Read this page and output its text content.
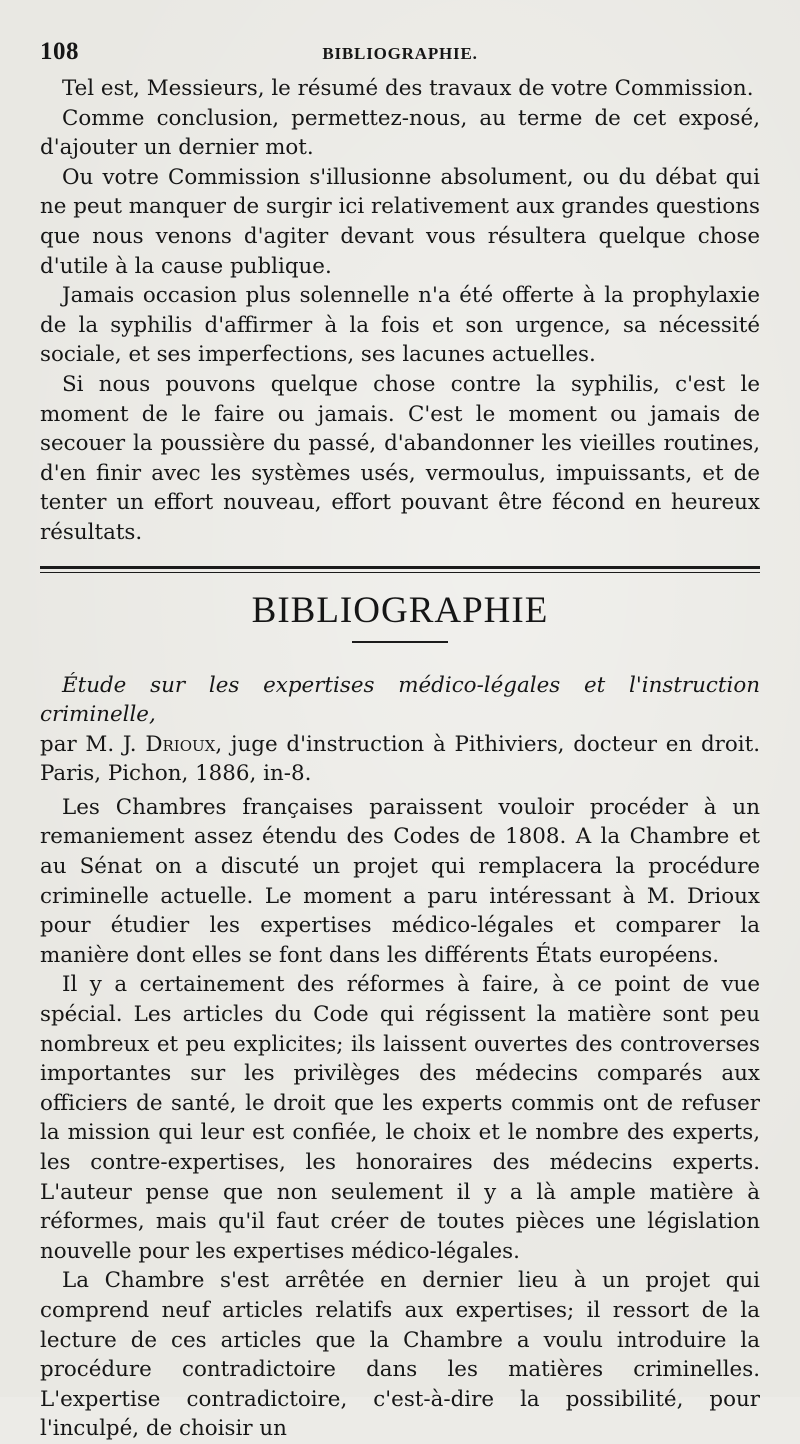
108	BIBLIOGRAPHIE.

Tel est, Messieurs, le résumé des travaux de votre Commission.

Comme conclusion, permettez-nous, au terme de cet exposé, d'ajouter un dernier mot.

Ou votre Commission s'illusionne absolument, ou du débat qui ne peut manquer de surgir ici relativement aux grandes questions que nous venons d'agiter devant vous résultera quelque chose d'utile à la cause publique.

Jamais occasion plus solennelle n'a été offerte à la prophylaxie de la syphilis d'affirmer à la fois et son urgence, sa nécessité sociale, et ses imperfections, ses lacunes actuelles.

Si nous pouvons quelque chose contre la syphilis, c'est le moment de le faire ou jamais. C'est le moment ou jamais de secouer la poussière du passé, d'abandonner les vieilles routines, d'en finir avec les systèmes usés, vermoulus, impuissants, et de tenter un effort nouveau, effort pouvant être fécond en heureux résultats.

BIBLIOGRAPHIE

Étude sur les expertises médico-légales et l'instruction criminelle,
par M. J. Drioux, juge d'instruction à Pithiviers, docteur en droit. Paris, Pichon, 1886, in-8.

Les Chambres françaises paraissent vouloir procéder à un remaniement assez étendu des Codes de 1808. A la Chambre et au Sénat on a discuté un projet qui remplacera la procédure criminelle actuelle. Le moment a paru intéressant à M. Drioux pour étudier les expertises médico-légales et comparer la manière dont elles se font dans les différents États européens.

Il y a certainement des réformes à faire, à ce point de vue spécial. Les articles du Code qui régissent la matière sont peu nombreux et peu explicites; ils laissent ouvertes des controverses importantes sur les privilèges des médecins comparés aux officiers de santé, le droit que les experts commis ont de refuser la mission qui leur est confiée, le choix et le nombre des experts, les contre-expertises, les honoraires des médecins experts. L'auteur pense que non seulement il y a là ample matière à réformes, mais qu'il faut créer de toutes pièces une législation nouvelle pour les expertises médico-légales.

La Chambre s'est arrêtée en dernier lieu à un projet qui comprend neuf articles relatifs aux expertises; il ressort de la lecture de ces articles que la Chambre a voulu introduire la procédure contradictoire dans les matières criminelles. L'expertise contradictoire, c'est-à-dire la possibilité, pour l'inculpé, de choisir un
